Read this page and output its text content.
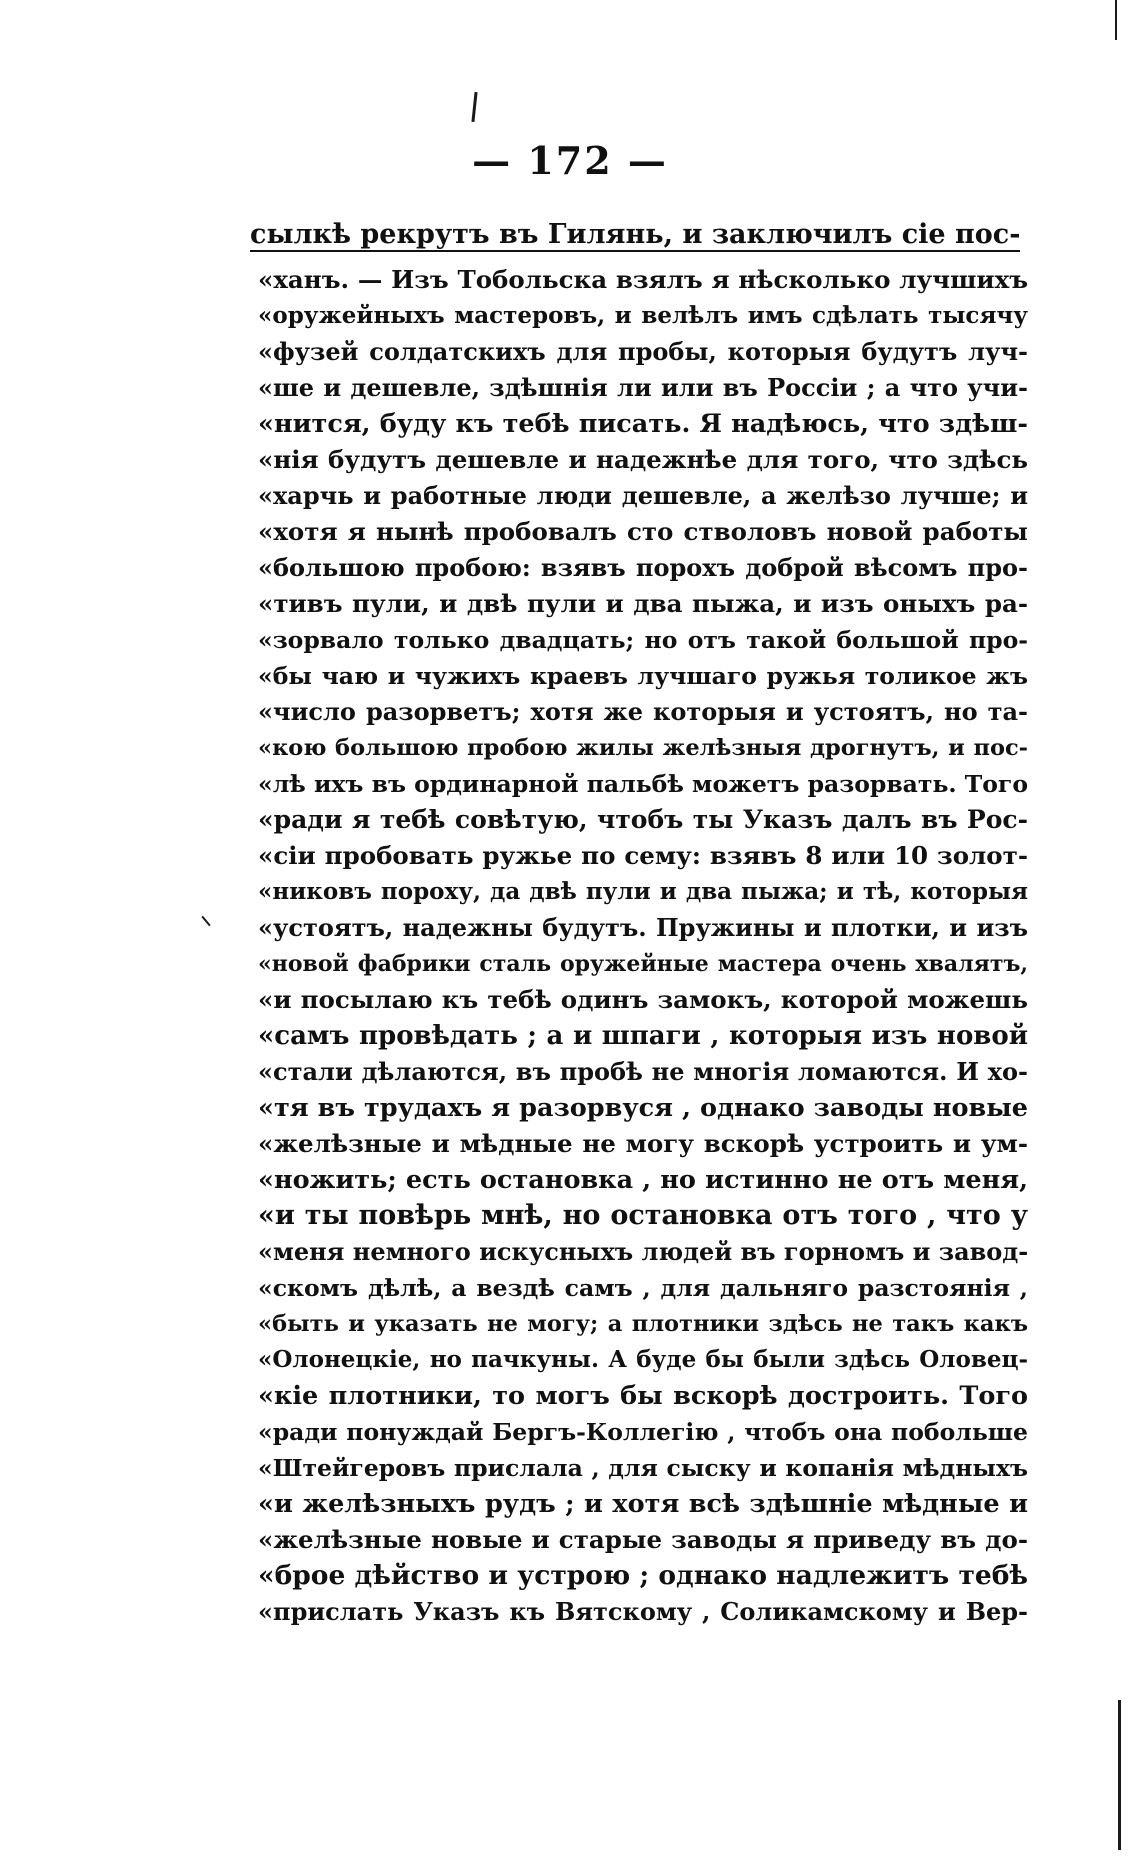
— 172 —
сылкѣ рекрутъ въ Гилянь, и заключилъ сіе пос-
«ханъ. — Изъ Тобольска взялъ я нѣсколько лучшихъ
«оружейныхъ мастеровъ, и велѣлъ имъ сдѣлать тысячу
«фузей солдатскихъ для пробы, которыя будутъ луч-
«ше и дешевле, здѣшнія ли или въ Россіи ; а что учи-
«нится, буду къ тебѣ писать. Я надѣюсь, что здѣш-
«нія будутъ дешевле и надежнѣе для того, что здѣсь
«харчь и работные люди дешевле, а желѣзо лучше; и
«хотя я нынѣ пробовалъ сто стволовъ новой работы
«большою пробою: взявъ порохъ доброй вѣсомъ про-
«тивъ пули, и двѣ пули и два пыжа, и изъ оныхъ ра-
«зорвало только двадцать; но отъ такой большой про-
«бы чаю и чужихъ краевъ лучшаго ружья толикое жъ
«число разорветъ; хотя же которыя и устоятъ, но та-
«кою большою пробою жилы желѣзныя дрогнутъ, и пос-
«лѣ ихъ въ ординарной пальбѣ можетъ разорвать. Того
«ради я тебѣ совѣтую, чтобъ ты Указъ далъ въ Рос-
«сіи пробовать ружье по сему: взявъ 8 или 10 золот-
«никовъ пороху, да двѣ пули и два пыжа; и тѣ, которыя
«устоятъ, надежны будутъ. Пружины и плотки, и изъ
«новой фабрики сталь оружейные мастера очень хвалятъ,
«и посылаю къ тебѣ одинъ замокъ, которой можешь
«самъ провѣдать ; а и шпаги , которыя изъ новой
«стали дѣлаются, въ пробѣ не многія ломаются. И хо-
«тя въ трудахъ я разорвуся , однако заводы новые
«желѣзные и мѣдные не могу вскорѣ устроить и ум-
«ножить; есть остановка , но истинно не отъ меня,
«и ты повѣрь мнѣ, но остановка отъ того , что у
«меня немного искусныхъ людей въ горномъ и завод-
«скомъ дѣлѣ, а вездѣ самъ , для дальняго разстоянія ,
«быть и указать не могу; а плотники здѣсь не такъ какъ
«Олонецкіе, но пачкуны. А буде бы были здѣсь Оловец-
«кіе плотники, то могъ бы вскорѣ достроить. Того
«ради понуждай Бергъ-Коллегію , чтобъ она побольше
«Штейгеровъ прислала , для сыску и копанія мѣдныхъ
«и желѣзныхъ рудъ ; и хотя всѣ здѣшніе мѣдные и
«желѣзные новые и старые заводы я приведу въ до-
«брое дѣйство и устрою ; однако надлежитъ тебѣ
«прислать Указъ къ Вятскому , Соликамскому и Вер-
